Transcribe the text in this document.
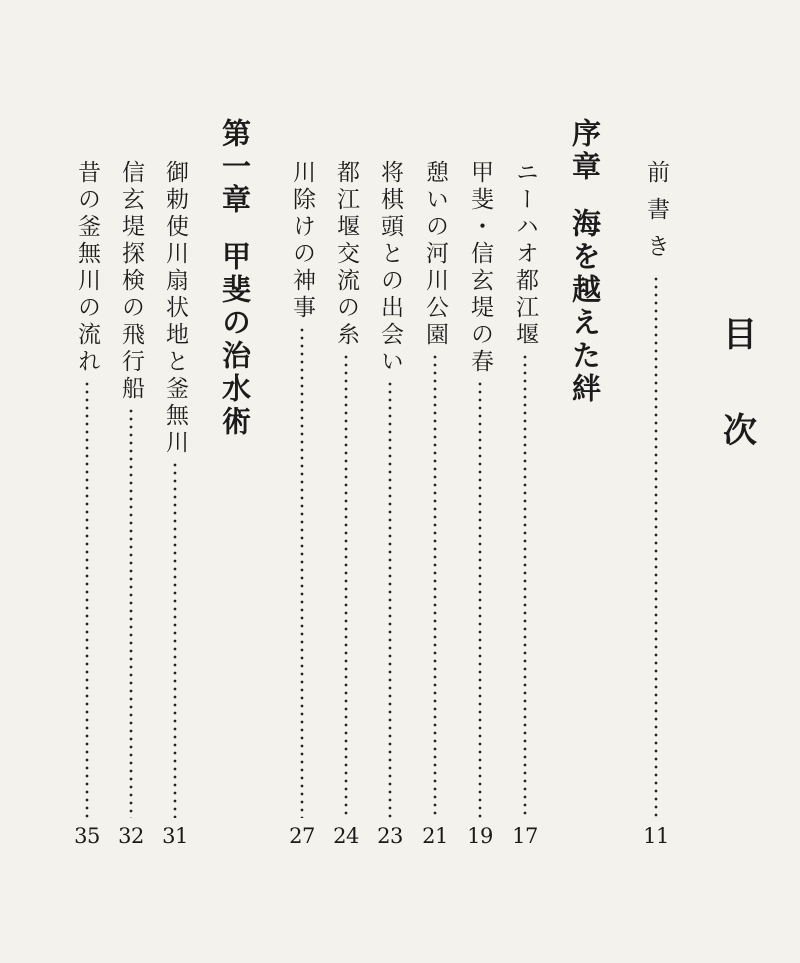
目
次
序章海を越えた絆
第一章甲斐の治水術
前書き
11
ニーハオ都江堰
17
甲斐・信玄堤の春
19
憩いの河川公園
21
将棋頭との出会い
23
都江堰交流の糸
24
川除けの神事
27
御勅使川扇状地と釜無川
31
信玄堤探検の飛行船
32
昔の釜無川の流れ
35
